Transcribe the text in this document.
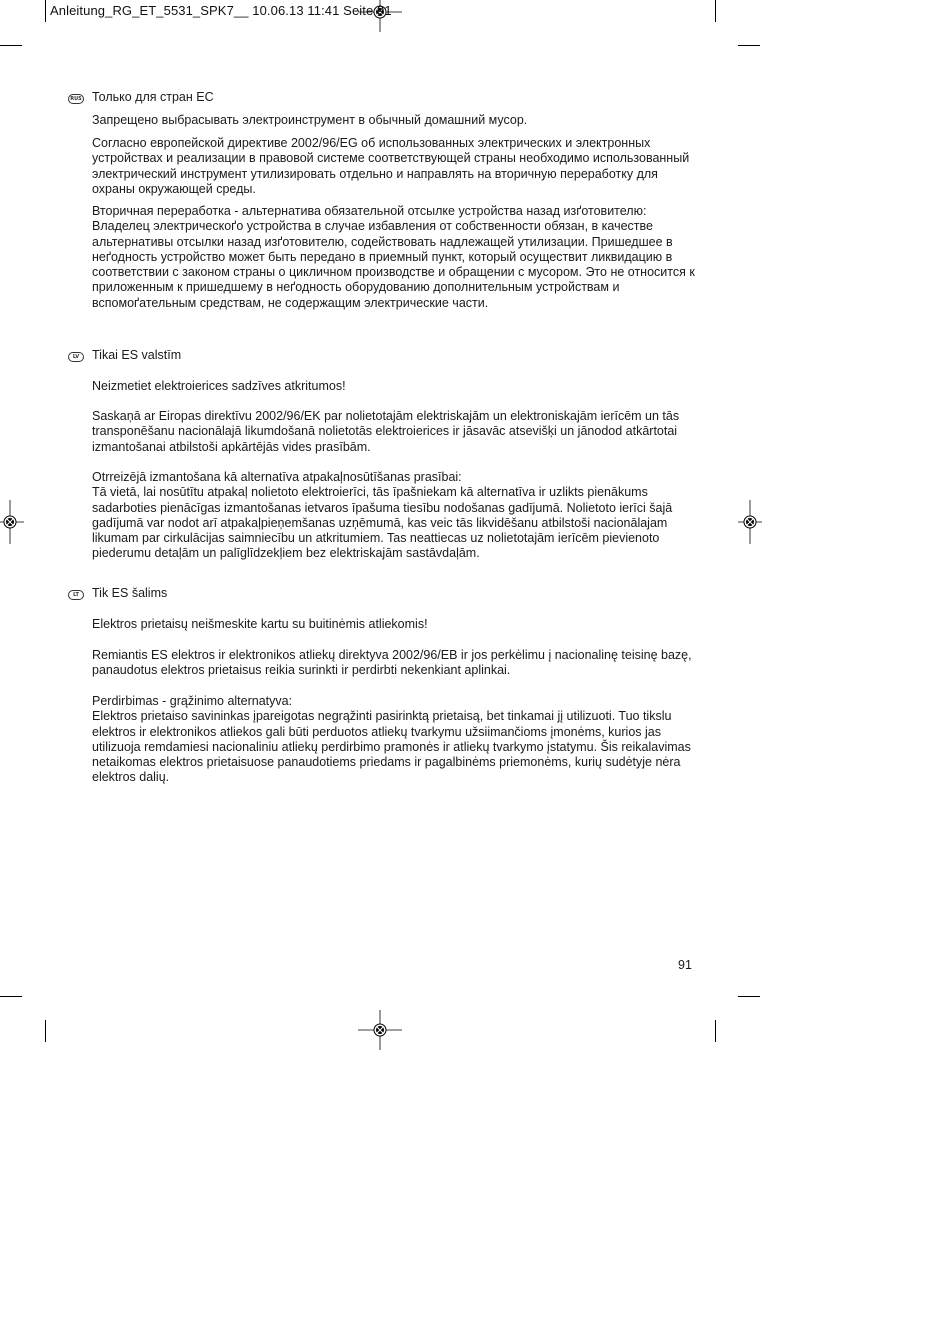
Anleitung_RG_ET_5531_SPK7__ 10.06.13 11:41 Seite 91
RUS Только для стран ЕС
Запрещено выбрасывать электроинструмент в обычный домашний мусор.
Согласно европейской директиве 2002/96/EG об использованных электрических и электронных устройствах и реализации в правовой системе соответствующей страны необходимо использованный электрический инструмент утилизировать отдельно и направлять на вторичную переработку для охраны окружающей среды.
Вторичная переработка - альтернатива обязательной отсылке устройства назад изґотовителю: Владелец электрическоґо устройства в случае избавления от собственности обязан, в качестве альтернативы отсылки назад изґотовителю, содействовать надлежащей утилизации. Пришедшее в неґодность устройство может быть передано в приемный пункт, который осуществит ликвидацию в соответствии с законом страны о цикличном производстве и обращении с мусором. Это не относится к приложенным к пришедшему в неґодность оборудованию дополнительным устройствам и вспомоґательным средствам, не содержащим электрические части.
LV	Tikai ES valstīm
Neizmetiet elektroierices sadzīves atkritumos!
Saskaņā ar Eiropas direktīvu 2002/96/EK par nolietotajām elektriskajām un elektroniskajām ierīcēm un tās transponēšanu nacionālajā likumdošanā nolietotās elektroierices ir jāsavāc atsevišķi un jānodod atkārtotai izmantošanai atbilstoši apkārtējās vides prasībām.
Otrreizējā izmantošana kā alternatīva atpakaļnosūtīšanas prasībai:
Tā vietā, lai nosūtītu atpakaļ nolietoto elektroierīci, tās īpašniekam kā alternatīva ir uzlikts pienākums sadarboties pienācīgas izmantošanas ietvaros īpašuma tiesību nodošanas gadījumā. Nolietoto ierīci šajā gadījumā var nodot arī atpakaļpieņemšanas uzņēmumā, kas veic tās likvidēšanu atbilstoši nacionālajam likumam par cirkulācijas saimniecību un atkritumiem. Tas neattiecas uz nolietotajām ierīcēm pievienoto piederumu detaļām un palīglīdzekļiem bez elektriskajām sastāvdaļām.
LT	Tik ES šalims
Elektros prietaisų neišmeskite kartu su buitinėmis atliekomis!
Remiantis ES elektros ir elektronikos atliekų direktyva 2002/96/EB ir jos perkėlimu į nacionalinę teisinę bazę, panaudotus elektros prietaisus reikia surinkti ir perdirbti nekenkiant aplinkai.
Perdirbimas - grąžinimo alternatyva:
Elektros prietaiso savininkas įpareigotas negrąžinti pasirinktą prietaisą, bet tinkamai jį utilizuoti. Tuo tikslu elektros ir elektronikos atliekos gali būti perduotos atliekų tvarkymu užsiimančioms įmonėms, kurios jas utilizuoja remdamiesi nacionaliniu atliekų perdirbimo pramonės ir atliekų tvarkymo įstatymu. Šis reikalavimas netaikomas elektros prietaisuose panaudotiems priedams ir pagalbinėms priemonėms, kurių sudėtyje nėra elektros dalių.
91
